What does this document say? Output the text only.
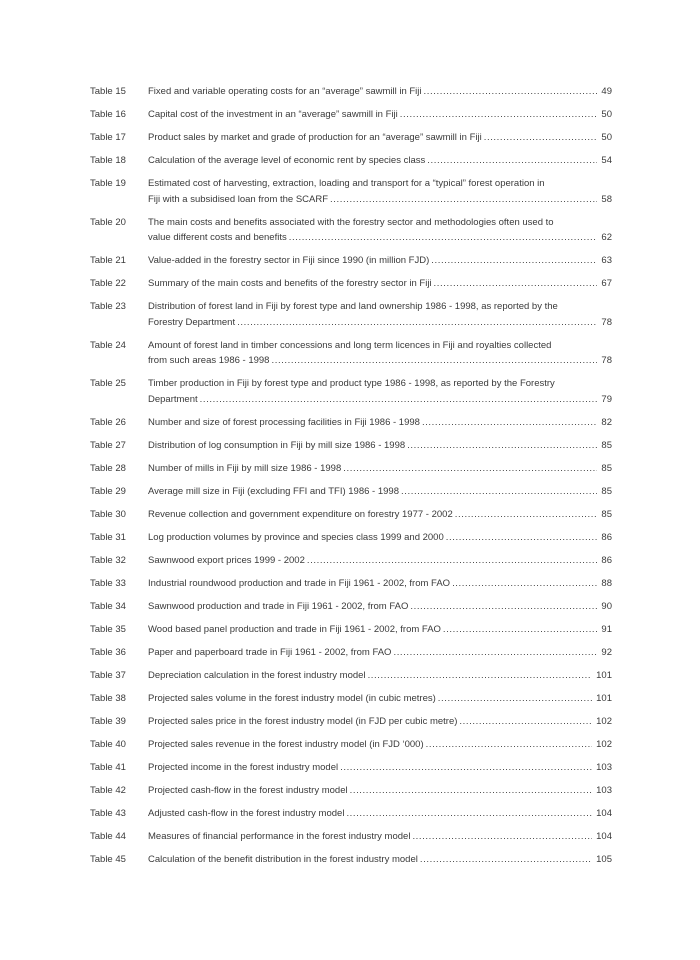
Table 15	Fixed and variable operating costs for an “average” sawmill in Fiji .....	49
Table 16	Capital cost of the investment in an “average” sawmill in Fiji .....	50
Table 17	Product sales by market and grade of production for an “average” sawmill in Fiji .....	50
Table 18	Calculation of the average level of economic rent by species class .....	54
Table 19	Estimated cost of harvesting, extraction, loading and transport for a “typical” forest operation in
Fiji with a subsidised loan from the SCARF .....	58
Table 20	The main costs and benefits associated with the forestry sector and methodologies often used to
value different costs and benefits .....	62
Table 21	Value-added in the forestry sector in Fiji since 1990 (in million FJD) .....	63
Table 22	Summary of the main costs and benefits of the forestry sector in Fiji .....	67
Table 23	Distribution of forest land in Fiji by forest type and land ownership 1986 - 1998, as reported by the
Forestry Department .....	78
Table 24	Amount of forest land in timber concessions and long term licences in Fiji and royalties collected
from such areas 1986 - 1998 .....	78
Table 25	Timber production in Fiji by forest type and product type 1986 - 1998, as reported by the Forestry
Department .....	79
Table 26	Number and size of forest processing facilities in Fiji 1986 - 1998 .....	82
Table 27	Distribution of log consumption in Fiji by mill size 1986 - 1998 .....	85
Table 28	Number of mills in Fiji by mill size 1986 - 1998 .....	85
Table 29	Average mill size in Fiji (excluding FFI and TFI) 1986 - 1998 .....	85
Table 30	Revenue collection and government expenditure on forestry 1977 - 2002 .....	85
Table 31	Log production volumes by province and species class 1999 and 2000 .....	86
Table 32	Sawnwood export prices 1999 - 2002 .....	86
Table 33	Industrial roundwood production and trade in Fiji 1961 - 2002, from FAO .....	88
Table 34	Sawnwood production and trade in Fiji 1961 - 2002, from FAO .....	90
Table 35	Wood based panel production and trade in Fiji 1961 - 2002, from FAO .....	91
Table 36	Paper and paperboard trade in Fiji 1961 - 2002, from FAO .....	92
Table 37	Depreciation calculation in the forest industry model .....	101
Table 38	Projected sales volume in the forest industry model (in cubic metres) .....	101
Table 39	Projected sales price in the forest industry model (in FJD per cubic metre) .....	102
Table 40	Projected sales revenue in the forest industry model (in FJD ‘000) .....	102
Table 41	Projected income in the forest industry model .....	103
Table 42	Projected cash-flow in the forest industry model .....	103
Table 43	Adjusted cash-flow in the forest industry model .....	104
Table 44	Measures of financial performance in the forest industry model .....	104
Table 45	Calculation of the benefit distribution in the forest industry model .....	105
